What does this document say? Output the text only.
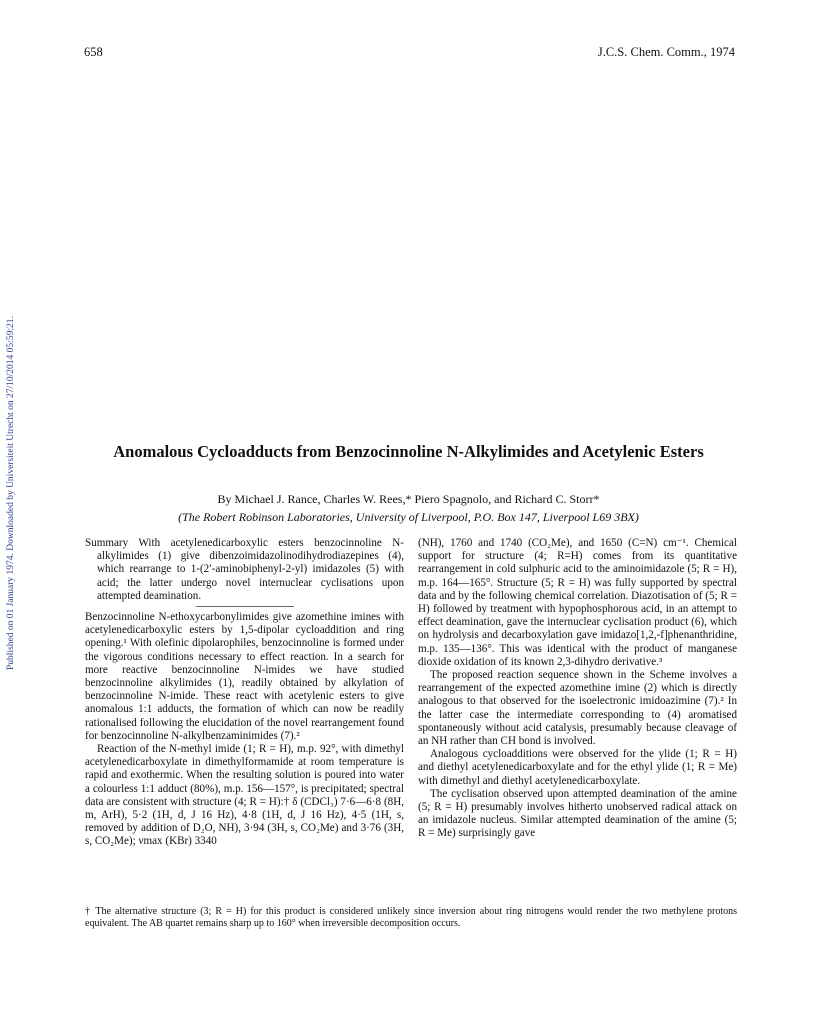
658	J.C.S. Chem. Comm., 1974
Published on 01 January 1974. Downloaded by Universiteit Utrecht on 27/10/2014 05:59:21.	Anomalous Cycloadducts from Benzocinnoline N-Alkylimides and Acetylenic Esters
By Michael J. Rance, Charles W. Rees,* Piero Spagnolo, and Richard C. Storr*
(The Robert Robinson Laboratories, University of Liverpool, P.O. Box 147, Liverpool L69 3BX)

Summary With acetylenedicarboxylic esters benzocinnoline N-alkylimides (1) give dibenzoimidazolinodihydrodiazepines (4), which rearrange to 1-(2′-aminobiphenyl-2-yl) imidazoles (5) with acid; the latter undergo novel internuclear cyclisations upon attempted deamination.

Benzocinnoline N-ethoxycarbonylimides give azomethine imines with acetylenedicarboxylic esters by 1,5-dipolar cycloaddition and ring opening.¹ With olefinic dipolarophiles, benzocinnoline is formed under the vigorous conditions necessary to effect reaction. In a search for more reactive benzocinnoline N-imides we have studied benzocinnoline alkylimides (1), readily obtained by alkylation of benzocinnoline N-imide. These react with acetylenic esters to give anomalous 1:1 adducts, the formation of which can now be readily rationalised following the elucidation of the novel rearrangement found for benzocinnoline N-alkylbenzaminimides (7).²

Reaction of the N-methyl imide (1; R = H), m.p. 92°, with dimethyl acetylenedicarboxylate in dimethylformamide at room temperature is rapid and exothermic. When the resulting solution is poured into water a colourless 1:1 adduct (80%), m.p. 156—157°, is precipitated; spectral data are consistent with structure (4; R = H):† δ (CDCl₃) 7·6—6·8 (8H, m, ArH), 5·2 (1H, d, J 16 Hz), 4·8 (1H, d, J 16 Hz), 4·5 (1H, s, removed by addition of D₂O, NH), 3·94 (3H, s, CO₂Me) and 3·76 (3H, s, CO₂Me); νmax (KBr) 3340

(NH), 1760 and 1740 (CO₂Me), and 1650 (C=N) cm⁻¹. Chemical support for structure (4; R=H) comes from its quantitative rearrangement in cold sulphuric acid to the aminoimidazole (5; R = H), m.p. 164—165°. Structure (5; R = H) was fully supported by spectral data and by the following chemical correlation. Diazotisation of (5; R = H) followed by treatment with hypophosphorous acid, in an attempt to effect deamination, gave the internuclear cyclisation product (6), which on hydrolysis and decarboxylation gave imidazo[1,2,-f]phenanthridine, m.p. 135—136°. This was identical with the product of manganese dioxide oxidation of its known 2,3-dihydro derivative.³

The proposed reaction sequence shown in the Scheme involves a rearrangement of the expected azomethine imine (2) which is directly analogous to that observed for the isoelectronic imidoazimine (7).² In the latter case the intermediate corresponding to (4) aromatised spontaneously without acid catalysis, presumably because cleavage of an NH rather than CH bond is involved.

Analogous cycloadditions were observed for the ylide (1; R = H) and diethyl acetylenedicarboxylate and for the ethyl ylide (1; R = Me) with dimethyl and diethyl acetylenedicarboxylate.

The cyclisation observed upon attempted deamination of the amine (5; R = H) presumably involves hitherto unobserved radical attack on an imidazole nucleus. Similar attempted deamination of the amine (5; R = Me) surprisingly gave

† The alternative structure (3; R = H) for this product is considered unlikely since inversion about ring nitrogens would render the two methylene protons equivalent. The AB quartet remains sharp up to 160° when irreversible decomposition occurs.
